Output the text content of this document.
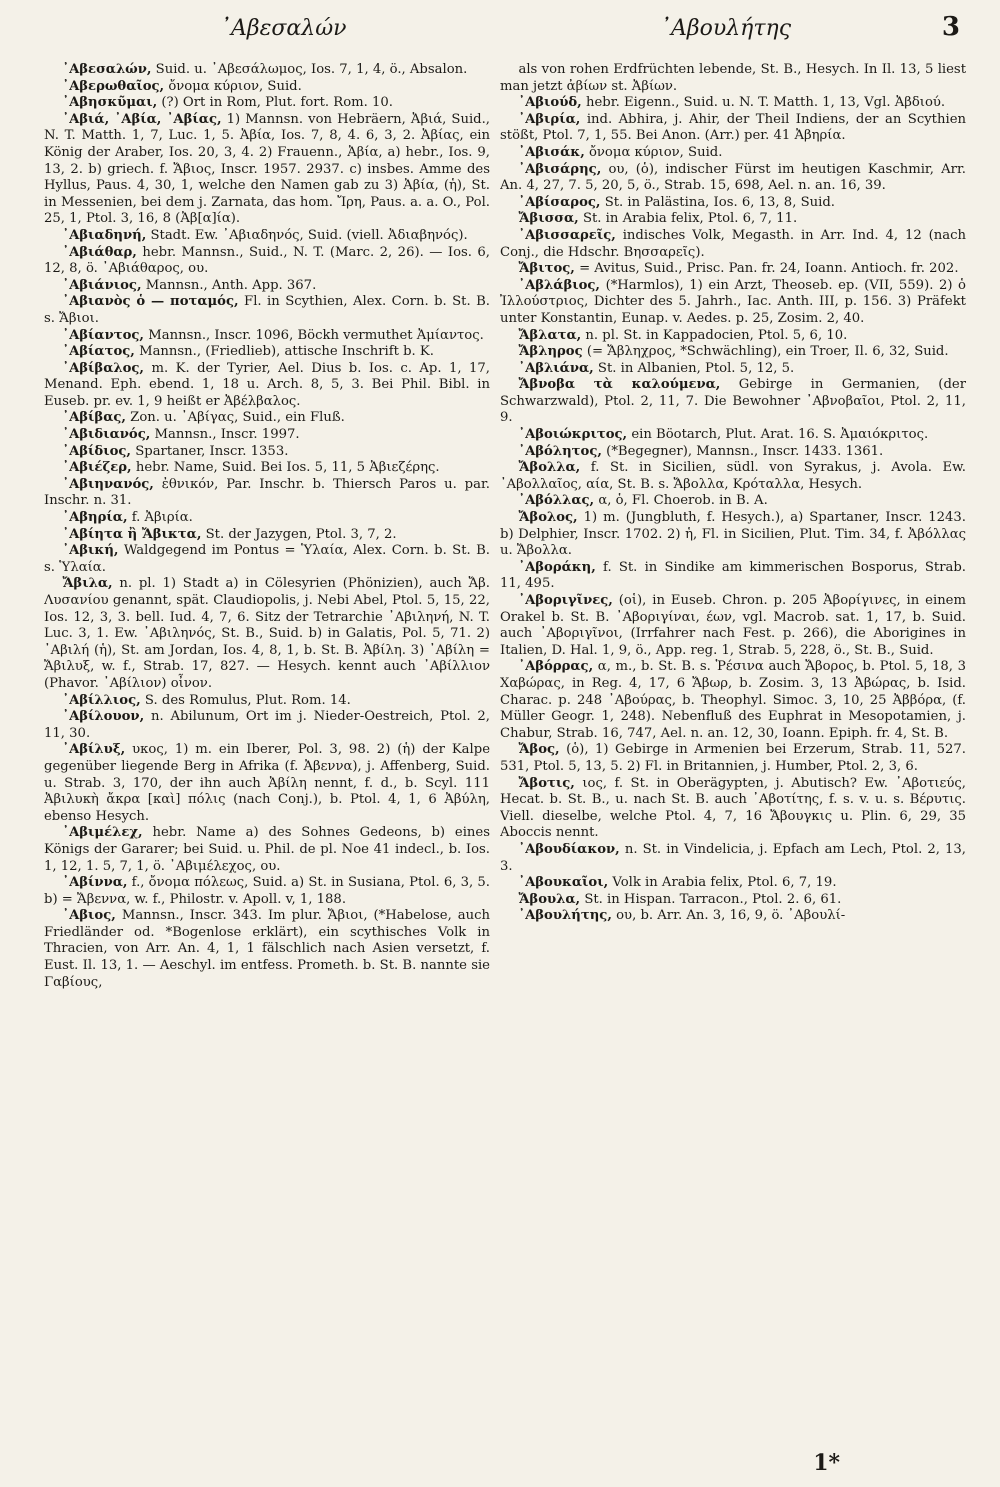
᾿Αβεσαλών	᾿Αβουλήτης	3

᾿Αβεσαλών, Suid. u. ᾿Αβεσάλωμος, Ios. 7, 1, 4, ö., Absalon.

᾿Αβερωθαῖος, ὄνομα κύριον, Suid.

᾿Αβησκῦμαι, (?) Ort in Rom, Plut. fort. Rom. 10.

᾿Αβιά, ᾿Αβία, ᾿Αβίας, 1) Mannsn. von Hebräern, Ἀβιά, Suid., N. T. Matth. 1, 7, Luc. 1, 5. Ἀβία, Ios. 7, 8, 4. 6, 3, 2. Ἀβίας, ein König der Araber, Ios. 20, 3, 4. 2) Frauenn., Ἀβία, a) hebr., Ios. 9, 13, 2. b) griech. f. Ἄβιος, Inscr. 1957. 2937. c) insbes. Amme des Hyllus, Paus. 4, 30, 1, welche den Namen gab zu 3) Ἀβία, (ἡ), St. in Messenien, bei dem j. Zarnata, das hom. Ἴρη, Paus. a. a. O., Pol. 25, 1, Ptol. 3, 16, 8 (Ἀβ[α]ία).

᾿Αβιαδηνή, Stadt. Ew. ᾿Αβιαδηνός, Suid. (viell. Ἀδιαβηνός).

᾿Αβιάθαρ, hebr. Mannsn., Suid., N. T. (Marc. 2, 26). — Ios. 6, 12, 8, ö. ᾿Αβιάθαρος, ου.

᾿Αβιάνιος, Mannsn., Anth. App. 367.

᾿Αβιανὸς ὁ — ποταμός, Fl. in Scythien, Alex. Corn. b. St. B. s. Ἄβιοι.

᾿Αβίαντος, Mannsn., Inscr. 1096, Böckh vermuthet Ἀμίαντος.

᾿Αβίατος, Mannsn., (Friedlieb), attische Inschrift b. K.

᾿Αβίβαλος, m. K. der Tyrier, Ael. Dius b. Ios. c. Ap. 1, 17, Menand. Eph. ebend. 1, 18 u. Arch. 8, 5, 3. Bei Phil. Bibl. in Euseb. pr. ev. 1, 9 heißt er Ἀβέλβαλος.

᾿Αβίβας, Zon. u. ᾿Αβίγας, Suid., ein Fluß.

᾿Αβιδιανός, Mannsn., Inscr. 1997.

᾿Αβίδιος, Spartaner, Inscr. 1353.

᾿Αβιέζερ, hebr. Name, Suid. Bei Ios. 5, 11, 5 Ἀβιεζέρης.

᾿Αβιηνανός, ἐθνικόν, Par. Inschr. b. Thiersch Paros u. par. Inschr. n. 31.

᾿Αβηρία, f. Ἀβιρία.

᾿Αβίητα ἢ Ἄβικτα, St. der Jazygen, Ptol. 3, 7, 2.

᾿Αβική, Waldgegend im Pontus = Ὑλαία, Alex. Corn. b. St. B. s. Ὑλαία.

Ἄβιλα, n. pl. 1) Stadt a) in Cölesyrien (Phönizien), auch Ἄβ. Λυσανίου genannt, spät. Claudiopolis, j. Nebi Abel, Ptol. 5, 15, 22, Ios. 12, 3, 3. bell. Iud. 4, 7, 6. Sitz der Tetrarchie ᾿Αβιληνή, N. T. Luc. 3, 1. Ew. ᾿Αβιληνός, St. B., Suid. b) in Galatis, Pol. 5, 71. 2) ᾿Αβιλή (ἡ), St. am Jordan, Ios. 4, 8, 1, b. St. B. Ἀβίλη. 3) ᾿Αβίλη = Ἄβιλυξ, w. f., Strab. 17, 827. — Hesych. kennt auch ᾿Αβίλλιον (Phavor. ᾿Αβίλιον) οἶνον.

᾿Αβίλλιος, S. des Romulus, Plut. Rom. 14.

᾿Αβίλουον, n. Abilunum, Ort im j. Nieder-Oestreich, Ptol. 2, 11, 30.

᾿Αβίλυξ, υκος, 1) m. ein Iberer, Pol. 3, 98. 2) (ἡ) der Kalpe gegenüber liegende Berg in Afrika (f. Ἀβεννα), j. Affenberg, Suid. u. Strab. 3, 170, der ihn auch Ἀβίλη nennt, f. d., b. Scyl. 111 Ἀβιλυκὴ ἄκρα [καὶ] πόλις (nach Conj.), b. Ptol. 4, 1, 6 Ἀβύλη, ebenso Hesych.

᾿Αβιμέλεχ, hebr. Name a) des Sohnes Gedeons, b) eines Königs der Gararer; bei Suid. u. Phil. de pl. Noe 41 indecl., b. Ios. 1, 12, 1. 5, 7, 1, ö. ᾿Αβιμέλεχος, ου.

᾿Αβίννα, f., ὄνομα πόλεως, Suid. a) St. in Susiana, Ptol. 6, 3, 5. b) = Ἄβεννα, w. f., Philostr. v. Apoll. v, 1, 188.

᾿Αβιος, Mannsn., Inscr. 343. Im plur. Ἄβιοι, (*Habelose, auch Friedländer od. *Bogenlose erklärt), ein scythisches Volk in Thracien, von Arr. An. 4, 1, 1 fälschlich nach Asien versetzt, f. Eust. Il. 13, 1. — Aeschyl. im entfess. Prometh. b. St. B. nannte sie Γαβίους,

als von rohen Erdfrüchten lebende, St. B., Hesych. In Il. 13, 5 liest man jetzt ἀβίων st. Ἀβίων.

᾿Αβιούδ, hebr. Eigenn., Suid. u. N. T. Matth. 1, 13, Vgl. Ἀβδιού.

᾿Αβιρία, ind. Abhira, j. Ahir, der Theil Indiens, der an Scythien stößt, Ptol. 7, 1, 55. Bei Anon. (Arr.) per. 41 Ἀβηρία.

᾿Αβισάκ, ὄνομα κύριον, Suid.

᾿Αβισάρης, ου, (ὁ), indischer Fürst im heutigen Kaschmir, Arr. An. 4, 27, 7. 5, 20, 5, ö., Strab. 15, 698, Ael. n. an. 16, 39.

᾿Αβίσαρος, St. in Palästina, Ios. 6, 13, 8, Suid.

Ἄβισσα, St. in Arabia felix, Ptol. 6, 7, 11.

᾿Αβισσαρεῖς, indisches Volk, Megasth. in Arr. Ind. 4, 12 (nach Conj., die Hdschr. Βησσαρεῖς).

Ἄβιτος, = Avitus, Suid., Prisc. Pan. fr. 24, Ioann. Antioch. fr. 202.

᾿Αβλάβιος, (*Harmlos), 1) ein Arzt, Theoseb. ep. (VII, 559). 2) ὁ Ἰλλούστριος, Dichter des 5. Jahrh., Iac. Anth. III, p. 156. 3) Präfekt unter Konstantin, Eunap. v. Aedes. p. 25, Zosim. 2, 40.

Ἄβλατα, n. pl. St. in Kappadocien, Ptol. 5, 6, 10.

Ἄβληρος (= Ἄβληχρος, *Schwächling), ein Troer, Il. 6, 32, Suid.

᾿Αβλιάνα, St. in Albanien, Ptol. 5, 12, 5.

Ἄβνοβα τὰ καλούμενα, Gebirge in Germanien, (der Schwarzwald), Ptol. 2, 11, 7. Die Bewohner ᾿Αβνοβαῖοι, Ptol. 2, 11, 9.

᾿Αβοιώκριτος, ein Böotarch, Plut. Arat. 16. S. Ἀμαιόκριτος.

᾿Αβόλητος, (*Begegner), Mannsn., Inscr. 1433. 1361.

Ἄβολλα, f. St. in Sicilien, südl. von Syrakus, j. Avola. Ew. ᾿Αβολλαῖος, αία, St. B. s. Ἄβολλα, Κρόταλλα, Hesych.

᾿Αβόλλας, α, ὁ, Fl. Choerob. in B. A.

Ἄβολος, 1) m. (Jungbluth, f. Hesych.), a) Spartaner, Inscr. 1243. b) Delphier, Inscr. 1702. 2) ἡ, Fl. in Sicilien, Plut. Tim. 34, f. Ἀβόλλας u. Ἄβολλα.

᾿Αβοράκη, f. St. in Sindike am kimmerischen Bosporus, Strab. 11, 495.

᾿Αβοριγῖνες, (οἱ), in Euseb. Chron. p. 205 Ἀβορίγινες, in einem Orakel b. St. B. ᾿Αβοριγίναι, έων, vgl. Macrob. sat. 1, 17, b. Suid. auch ᾿Αβοριγῖνοι, (Irrfahrer nach Fest. p. 266), die Aborigines in Italien, D. Hal. 1, 9, ö., App. reg. 1, Strab. 5, 228, ö., St. B., Suid.

᾿Αβόρρας, α, m., b. St. B. s. Ῥέσινα auch Ἄβορος, b. Ptol. 5, 18, 3 Χαβώρας, in Reg. 4, 17, 6 Ἄβωρ, b. Zosim. 3, 13 Ἀβώρας, b. Isid. Charac. p. 248 ᾿Αβούρας, b. Theophyl. Simoc. 3, 10, 25 Ἀββόρα, (f. Müller Geogr. 1, 248). Nebenfluß des Euphrat in Mesopotamien, j. Chabur, Strab. 16, 747, Ael. n. an. 12, 30, Ioann. Epiph. fr. 4, St. B.

Ἄβος, (ὁ), 1) Gebirge in Armenien bei Erzerum, Strab. 11, 527. 531, Ptol. 5, 13, 5. 2) Fl. in Britannien, j. Humber, Ptol. 2, 3, 6.

Ἄβοτις, ιος, f. St. in Oberägypten, j. Abutisch? Ew. ᾿Αβοτιεύς, Hecat. b. St. B., u. nach St. B. auch ᾿Αβοτίτης, f. s. v. u. s. Βέρυτις. Viell. dieselbe, welche Ptol. 4, 7, 16 Ἄβουγκις u. Plin. 6, 29, 35 Aboccis nennt.

᾿Αβουδίακον, n. St. in Vindelicia, j. Epfach am Lech, Ptol. 2, 13, 3.

᾿Αβουκαῖοι, Volk in Arabia felix, Ptol. 6, 7, 19.

Ἄβουλα, St. in Hispan. Tarracon., Ptol. 2. 6, 61.

᾿Αβουλήτης, ου, b. Arr. An. 3, 16, 9, ö. ᾿Αβουλί-

1*
